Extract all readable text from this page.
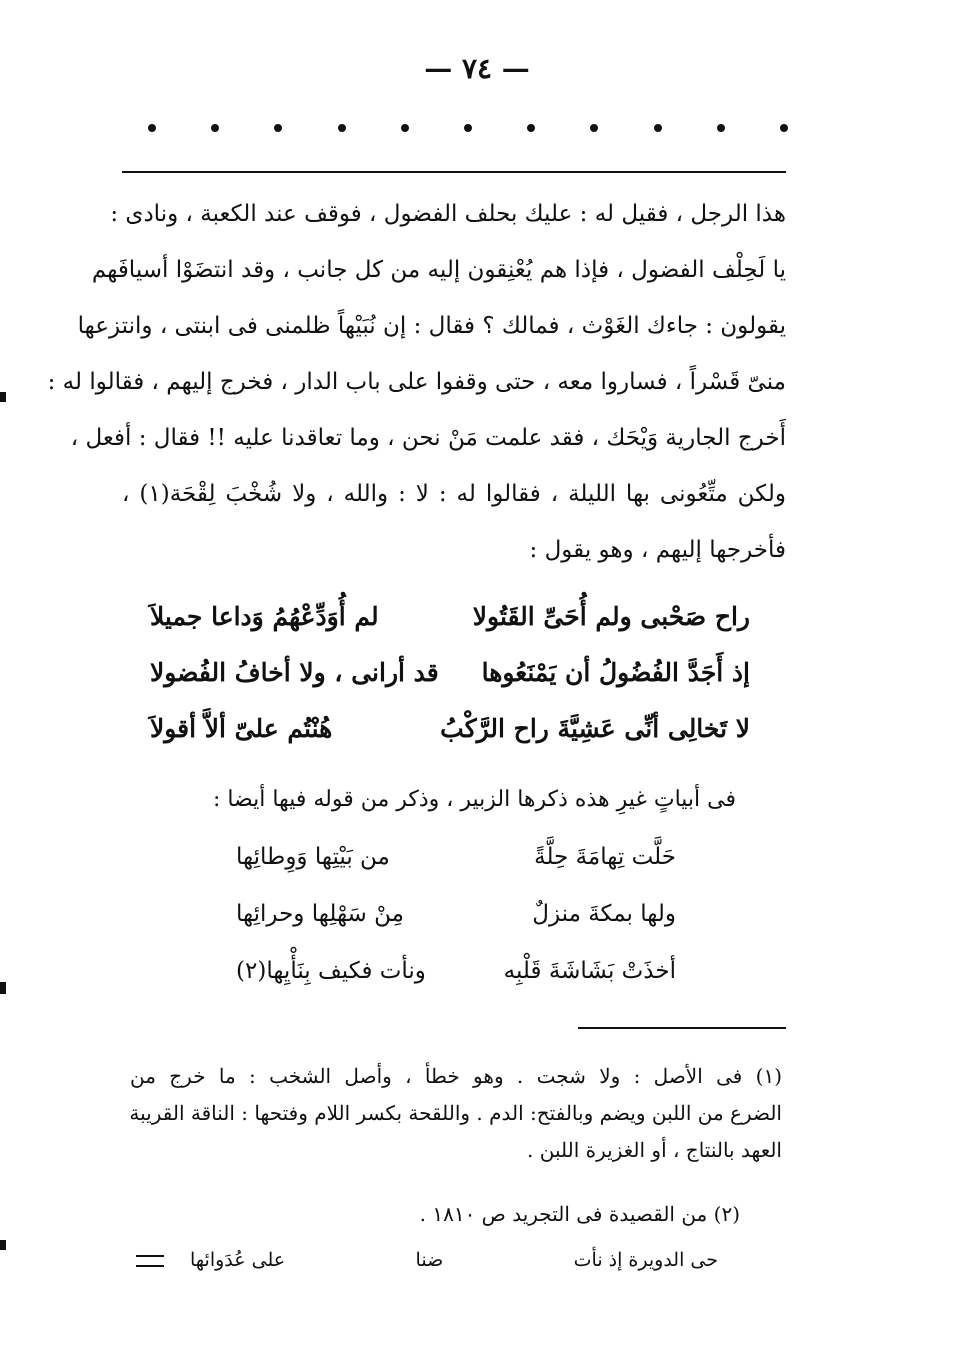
— ٧٤ —
هذا الرجل ، فقيل له : عليك بحلف الفضول ، فوقف عند الكعبة ، ونادى :
يا لَحِلْف الفضول ، فإذا هم يُعْنِقون إليه من كل جانب ، وقد انتضَوْا أسيافَهم
يقولون : جاءك الغَوْث ، فمالك ؟ فقال : إن نُبَيْهاً ظلمنى فى ابنتى ، وانتزعها
منىّ قَسْراً ، فساروا معه ، حتى وقفوا على باب الدار ، فخرج إليهم ، فقالوا له :
أَخرج الجارية وَيْحَك ، فقد علمت مَنْ نحن ، وما تعاقدنا عليه !! فقال : أفعل ،
ولكن متِّعُونى بها الليلة ، فقالوا له : لا : والله ، ولا شُخْبَ لِقْحَة(١) ،
فأخرجها إليهم ، وهو يقول :
راح صَحْبى ولم أُحَىِّ القَتُولا
لم أُوَدِّعْهُمُ وَداعا جميلاَ
إذ أَجَدَّ الفُضُولُ أن يَمْنَعُوها
قد أرانى ، ولا أخافُ الفُضولا
لا تَخالِى أنِّى عَشِيَّةَ راح الرَّكْبُ
هُنْتُم علىّ ألاَّ أقولاَ
فى أبياتٍ غيرِ هذه ذكرها الزبير ، وذكر من قوله فيها أيضا :
حَلَّت تِهامَةَ حِلَّةً
من بَيْتِها وَوِطائِها
ولها بمكةَ منزلٌ
مِنْ سَهْلِها وحرائِها
أخذَتْ بَشَاشَةَ قَلْبِه
ونأت فكيف بِنَأْيِها(٢)
(١) فى الأصل : ولا شجت . وهو خطأ ، وأصل الشخب : ما خرج من
الضرع من اللبن ويضم وبالفتح: الدم . واللقحة بكسر اللام وفتحها : الناقة القريبة
العهد بالنتاج ، أو الغزيرة اللبن .
(٢) من القصيدة فى التجريد ص ١٨١٠ .
حى الدويرة إذ نأت
ضنا
على عُدَوائها
